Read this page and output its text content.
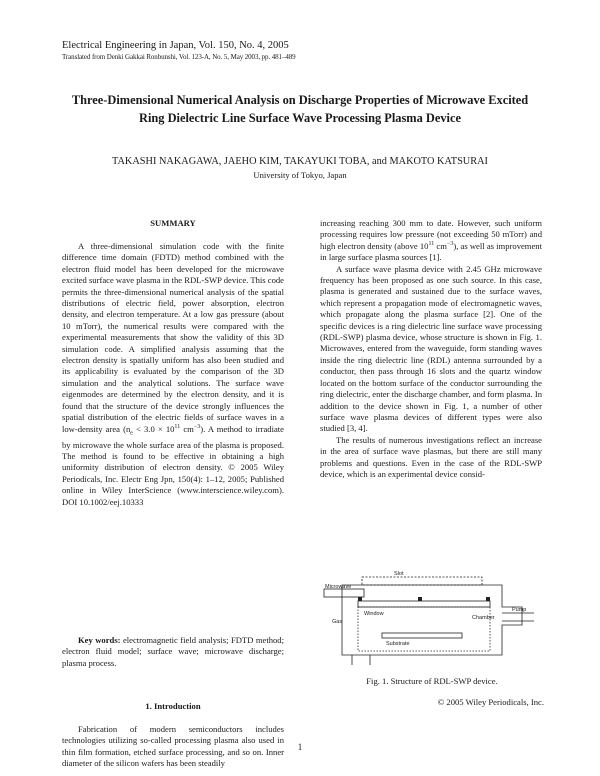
Electrical Engineering in Japan, Vol. 150, No. 4, 2005
Translated from Denki Gakkai Ronbunshi, Vol. 123-A, No. 5, May 2003, pp. 481–489
Three-Dimensional Numerical Analysis on Discharge Properties of Microwave Excited Ring Dielectric Line Surface Wave Processing Plasma Device
TAKASHI NAKAGAWA, JAEHO KIM, TAKAYUKI TOBA, and MAKOTO KATSURAI
University of Tokyo, Japan
SUMMARY

A three-dimensional simulation code with the finite difference time domain (FDTD) method combined with the electron fluid model has been developed for the microwave excited surface wave plasma in the RDL-SWP device. This code permits the three-dimensional numerical analysis of the spatial distributions of electric field, power absorption, electron density, and electron temperature. At a low gas pressure (about 10 mTorr), the numerical results were compared with the experimental measurements that show the validity of this 3D simulation code. A simplified analysis assuming that the electron density is spatially uniform has also been studied and its applicability is evaluated by the comparison of the 3D simulation and the analytical solutions. The surface wave eigenmodes are determined by the electron density, and it is found that the structure of the device strongly influences the spatial distribution of the electric fields of surface waves in a low-density area ($n_e < 3.0 \times 10^{11}$ $cm^{-3}$). A method to irradiate by microwave the whole surface area of the plasma is proposed. The method is found to be effective in obtaining a high uniformity distribution of electron density. © 2005 Wiley Periodicals, Inc. Electr Eng Jpn, 150(4): 1–12, 2005; Published online in Wiley InterScience (www.interscience.wiley.com). DOI 10.1002/eej.10333

Key words: electromagnetic field analysis; FDTD method; electron fluid model; surface wave; microwave discharge; plasma process.

1. Introduction

Fabrication of modern semiconductors includes technologies utilizing so-called processing plasma also used in thin film formation, etched surface processing, and so on. Inner diameter of the silicon wafers has been steadily

increasing reaching 300 mm to date. However, such uniform processing requires low pressure (not exceeding 50 mTorr) and high electron density (above $10^{11}$ $cm^{-3}$), as well as improvement in large surface plasma sources [1].

A surface wave plasma device with 2.45 GHz microwave frequency has been proposed as one such source. In this case, plasma is generated and sustained due to the surface waves, which represent a propagation mode of electromagnetic waves, which propagate along the plasma surface [2]. One of the specific devices is a ring dielectric line surface wave processing (RDL-SWP) plasma device, whose structure is shown in Fig. 1. Microwaves, entered from the waveguide, form standing waves inside the ring dielectric line (RDL) antenna surrounded by a conductor, then pass through 16 slots and the quartz window located on the bottom surface of the conductor surrounding the ring dielectric, enter the discharge chamber, and form plasma. In addition to the device shown in Fig. 1, a number of other surface wave plasma devices of different types were also studied [3, 4].

The results of numerous investigations reflect an increase in the area of surface wave plasmas, but there are still many problems and questions. Even in the case of the RDL-SWP device, which is an experimental device consid-

Slot
Microwave
Chamber
Window
Gas
Substrate
Pump
Fig. 1. Structure of RDL-SWP device.
© 2005 Wiley Periodicals, Inc.
1
